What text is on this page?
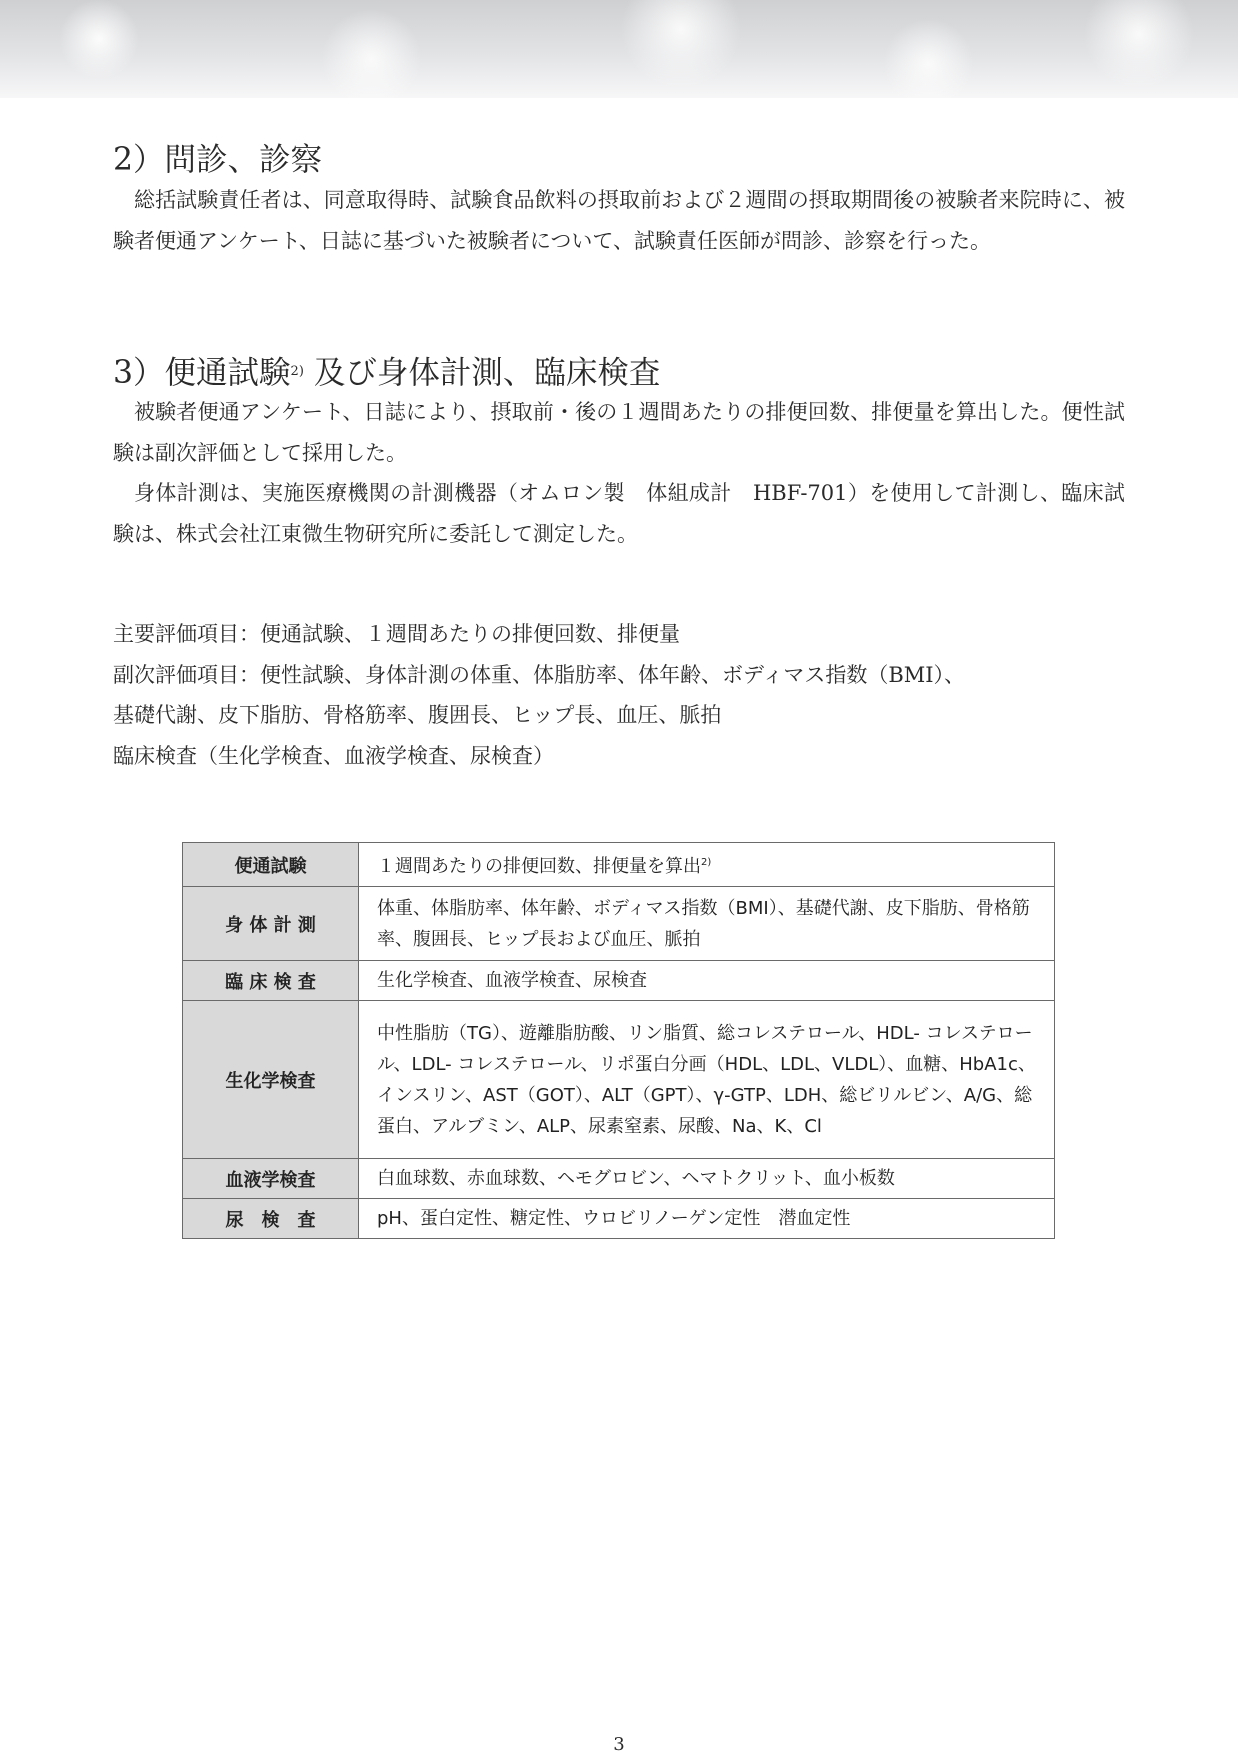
2）問診、診察

総括試験責任者は、同意取得時、試験食品飲料の摂取前および２週間の摂取期間後の被験者来院時に、被験者便通アンケート、日誌に基づいた被験者について、試験責任医師が問診、診察を行った。

3）便通試験$^{2)}$ 及び身体計測、臨床検査

被験者便通アンケート、日誌により、摂取前・後の１週間あたりの排便回数、排便量を算出した。便性試験は副次評価として採用した。

身体計測は、実施医療機関の計測機器（オムロン製　体組成計　HBF-701）を使用して計測し、臨床試験は、株式会社江東微生物研究所に委託して測定した。

主要評価項目：便通試験、１週間あたりの排便回数、排便量

副次評価項目：便性試験、身体計測の体重、体脂肪率、体年齢、ボディマス指数（BMI）、

基礎代謝、皮下脂肪、骨格筋率、腹囲長、ヒップ長、血圧、脈拍

臨床検査（生化学検査、血液学検査、尿検査）

便通試験	１週間あたりの排便回数、排便量を算出$^{2)}$
身 体 計 測	体重、体脂肪率、体年齢、ボディマス指数（BMI）、基礎代謝、皮下脂肪、骨格筋率、腹囲長、ヒップ長および血圧、脈拍
臨 床 検 査	生化学検査、血液学検査、尿検査
生化学検査	中性脂肪（TG）、遊離脂肪酸、リン脂質、総コレステロール、HDL- コレステロール、LDL- コレステロール、リポ蛋白分画（HDL、LDL、VLDL）、血糖、HbA1c、インスリン、AST（GOT）、ALT（GPT）、γ-GTP、LDH、総ビリルビン、A/G、総蛋白、アルブミン、ALP、尿素窒素、尿酸、Na、K、Cl
血液学検査	白血球数、赤血球数、ヘモグロビン、ヘマトクリット、血小板数
尿　検　査	pH、蛋白定性、糖定性、ウロビリノーゲン定性　潜血定性
3
